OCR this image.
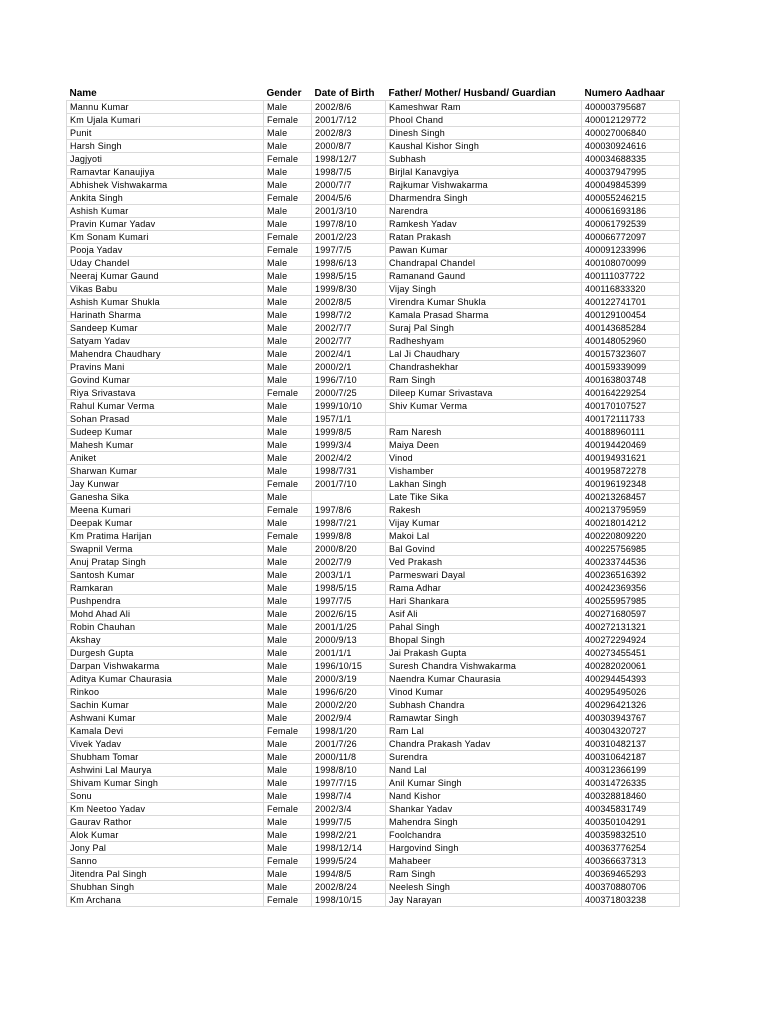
Name	Gender	Date of Birth	Father/ Mother/ Husband/ Guardian	Numero Aadhaar
Mannu Kumar	Male	2002/8/6	Kameshwar Ram	400003795687
Km Ujala Kumari	Female	2001/7/12	Phool Chand	400012129772
Punit	Male	2002/8/3	Dinesh Singh	400027006840
Harsh Singh	Male	2000/8/7	Kaushal Kishor Singh	400030924616
Jagjyoti	Female	1998/12/7	Subhash	400034688335
Ramavtar Kanaujiya	Male	1998/7/5	Birjlal Kanavgiya	400037947995
Abhishek Vishwakarma	Male	2000/7/7	Rajkumar Vishwakarma	400049845399
Ankita Singh	Female	2004/5/6	Dharmendra Singh	400055246215
Ashish Kumar	Male	2001/3/10	Narendra	400061693186
Pravin Kumar Yadav	Male	1997/8/10	Ramkesh Yadav	400061792539
Km Sonam Kumari	Female	2001/2/23	Ratan Prakash	400066772097
Pooja Yadav	Female	1997/7/5	Pawan Kumar	400091233996
Uday Chandel	Male	1998/6/13	Chandrapal Chandel	400108070099
Neeraj Kumar Gaund	Male	1998/5/15	Ramanand Gaund	400111037722
Vikas Babu	Male	1999/8/30	Vijay Singh	400116833320
Ashish Kumar Shukla	Male	2002/8/5	Virendra Kumar Shukla	400122741701
Harinath Sharma	Male	1998/7/2	Kamala Prasad Sharma	400129100454
Sandeep Kumar	Male	2002/7/7	Suraj Pal Singh	400143685284
Satyam Yadav	Male	2002/7/7	Radheshyam	400148052960
Mahendra Chaudhary	Male	2002/4/1	Lal Ji Chaudhary	400157323607
Pravins Mani	Male	2000/2/1	Chandrashekhar	400159339099
Govind Kumar	Male	1996/7/10	Ram Singh	400163803748
Riya Srivastava	Female	2000/7/25	Dileep Kumar Srivastava	400164229254
Rahul Kumar Verma	Male	1999/10/10	Shiv Kumar Verma	400170107527
Sohan Prasad	Male	1957/1/1		400172111733
Sudeep Kumar	Male	1999/8/5	Ram Naresh	400188960111
Mahesh Kumar	Male	1999/3/4	Maiya Deen	400194420469
Aniket	Male	2002/4/2	Vinod	400194931621
Sharwan Kumar	Male	1998/7/31	Vishamber	400195872278
Jay Kunwar	Female	2001/7/10	Lakhan Singh	400196192348
Ganesha Sika	Male		Late Tike Sika	400213268457
Meena Kumari	Female	1997/8/6	Rakesh	400213795959
Deepak Kumar	Male	1998/7/21	Vijay Kumar	400218014212
Km Pratima Harijan	Female	1999/8/8	Makoi Lal	400220809220
Swapnil Verma	Male	2000/8/20	Bal Govind	400225756985
Anuj Pratap Singh	Male	2002/7/9	Ved Prakash	400233744536
Santosh Kumar	Male	2003/1/1	Parmeswari Dayal	400236516392
Ramkaran	Male	1998/5/15	Rama Adhar	400242369356
Pushpendra	Male	1997/7/5	Hari Shankara	400255957985
Mohd Ahad Ali	Male	2002/6/15	Asif Ali	400271680597
Robin Chauhan	Male	2001/1/25	Pahal Singh	400272131321
Akshay	Male	2000/9/13	Bhopal Singh	400272294924
Durgesh Gupta	Male	2001/1/1	Jai Prakash Gupta	400273455451
Darpan Vishwakarma	Male	1996/10/15	Suresh Chandra Vishwakarma	400282020061
Aditya Kumar Chaurasia	Male	2000/3/19	Naendra Kumar Chaurasia	400294454393
Rinkoo	Male	1996/6/20	Vinod Kumar	400295495026
Sachin Kumar	Male	2000/2/20	Subhash Chandra	400296421326
Ashwani Kumar	Male	2002/9/4	Ramawtar Singh	400303943767
Kamala Devi	Female	1998/1/20	Ram Lal	400304320727
Vivek Yadav	Male	2001/7/26	Chandra Prakash Yadav	400310482137
Shubham Tomar	Male	2000/11/8	Surendra	400310642187
Ashwini Lal Maurya	Male	1998/8/10	Nand Lal	400312366199
Shivam Kumar Singh	Male	1997/7/15	Anil Kumar Singh	400314726335
Sonu	Male	1998/7/4	Nand Kishor	400328818460
Km Neetoo Yadav	Female	2002/3/4	Shankar Yadav	400345831749
Gaurav Rathor	Male	1999/7/5	Mahendra Singh	400350104291
Alok Kumar	Male	1998/2/21	Foolchandra	400359832510
Jony Pal	Male	1998/12/14	Hargovind Singh	400363776254
Sanno	Female	1999/5/24	Mahabeer	400366637313
Jitendra Pal Singh	Male	1994/8/5	Ram Singh	400369465293
Shubhan Singh	Male	2002/8/24	Neelesh Singh	400370880706
Km Archana	Female	1998/10/15	Jay Narayan	400371803238
